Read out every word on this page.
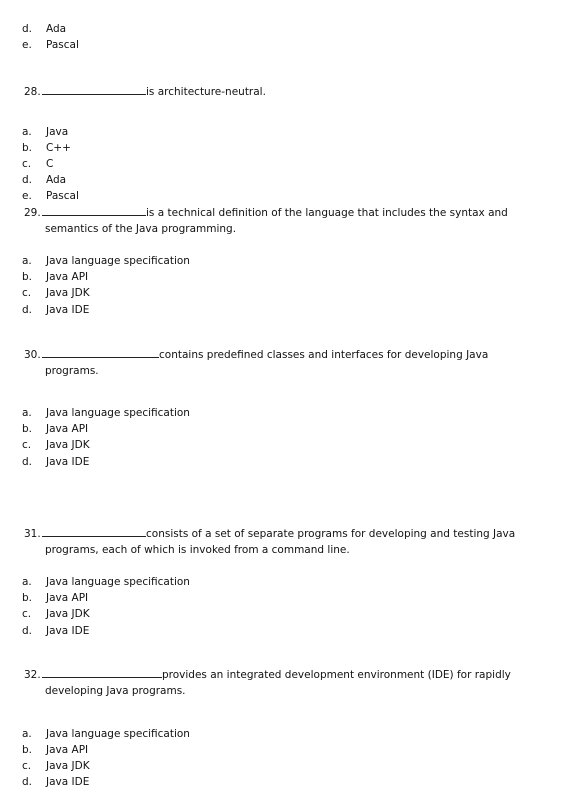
d. Ada
e. Pascal
28.	is architecture-neutral.
a. Java
b. C++
c. C
d. Ada
e. Pascal
29.	is a technical definition of the language that includes the syntax and
semantics of the Java programming.
a. Java language specification
b. Java API
c. Java JDK
d. Java IDE
30.	contains predefined classes and interfaces for developing Java
programs.
a. Java language specification
b. Java API
c. Java JDK
d. Java IDE
31.	consists of a set of separate programs for developing and testing Java
programs, each of which is invoked from a command line.
a. Java language specification
b. Java API
c. Java JDK
d. Java IDE
32.	provides an integrated development environment (IDE) for rapidly
developing Java programs.
a. Java language specification
b. Java API
c. Java JDK
d. Java IDE
